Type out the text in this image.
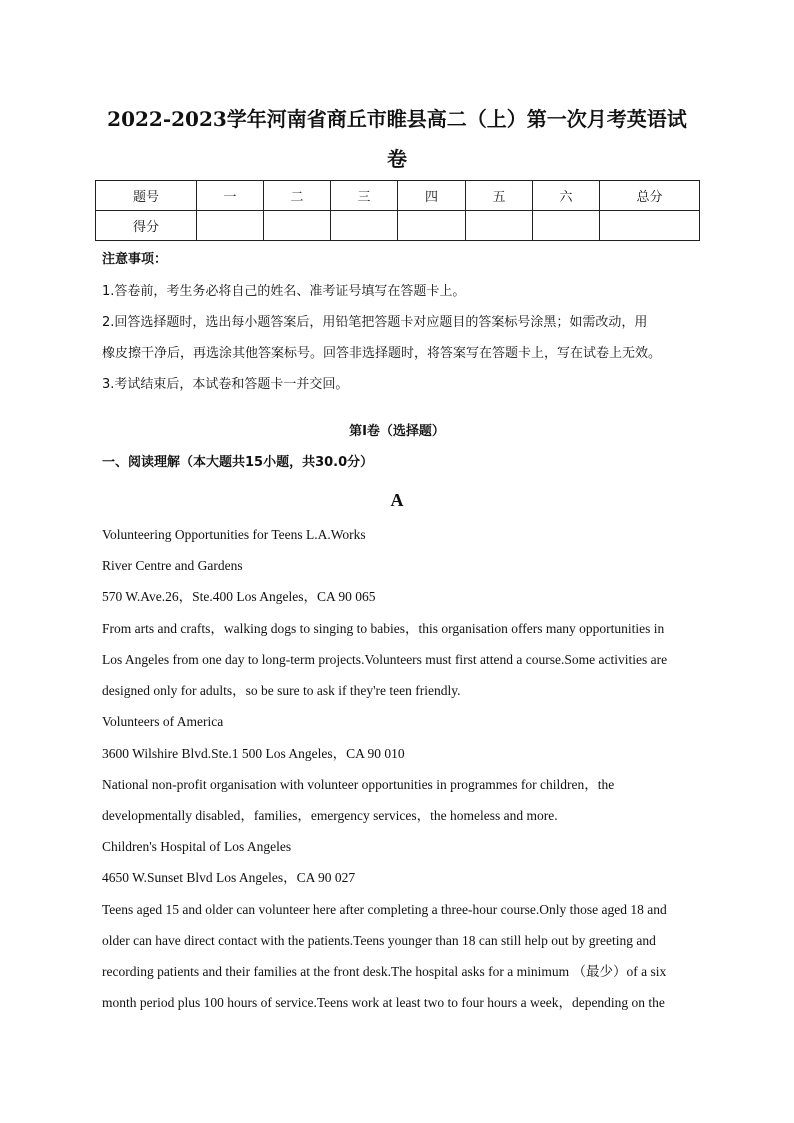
2022-2023学年河南省商丘市睢县高二（上）第一次月考英语试
卷
题号	一	二	三	四	五	六	总分
得分							
注意事项：
1.答卷前，考生务必将自己的姓名、准考证号填写在答题卡上。
2.回答选择题时，选出每小题答案后，用铅笔把答题卡对应题目的答案标号涂黑；如需改动，用
橡皮擦干净后，再选涂其他答案标号。回答非选择题时，将答案写在答题卡上，写在试卷上无效。
3.考试结束后，本试卷和答题卡一并交回。
第Ⅰ卷（选择题）
一、阅读理解（本大题共15小题，共30.0分）
A
Volunteering Opportunities for Teens L.A.Works
River Centre and Gardens
570 W.Ave.26，Ste.400 Los Angeles，CA 90 065
From arts and crafts，walking dogs to singing to babies，this organisation offers many opportunities in
Los Angeles from one day to long-term projects.Volunteers must first attend a course.Some activities are
designed only for adults，so be sure to ask if they're teen friendly.
Volunteers of America
3600 Wilshire Blvd.Ste.1 500 Los Angeles，CA 90 010
National non-profit organisation with volunteer opportunities in programmes for children，the
developmentally disabled，families，emergency services，the homeless and more.
Children's Hospital of Los Angeles
4650 W.Sunset Blvd Los Angeles，CA 90 027
Teens aged 15 and older can volunteer here after completing a three-hour course.Only those aged 18 and
older can have direct contact with the patients.Teens younger than 18 can still help out by greeting and
recording patients and their families at the front desk.The hospital asks for a minimum （最少）of a six
month period plus 100 hours of service.Teens work at least two to four hours a week，depending on the
